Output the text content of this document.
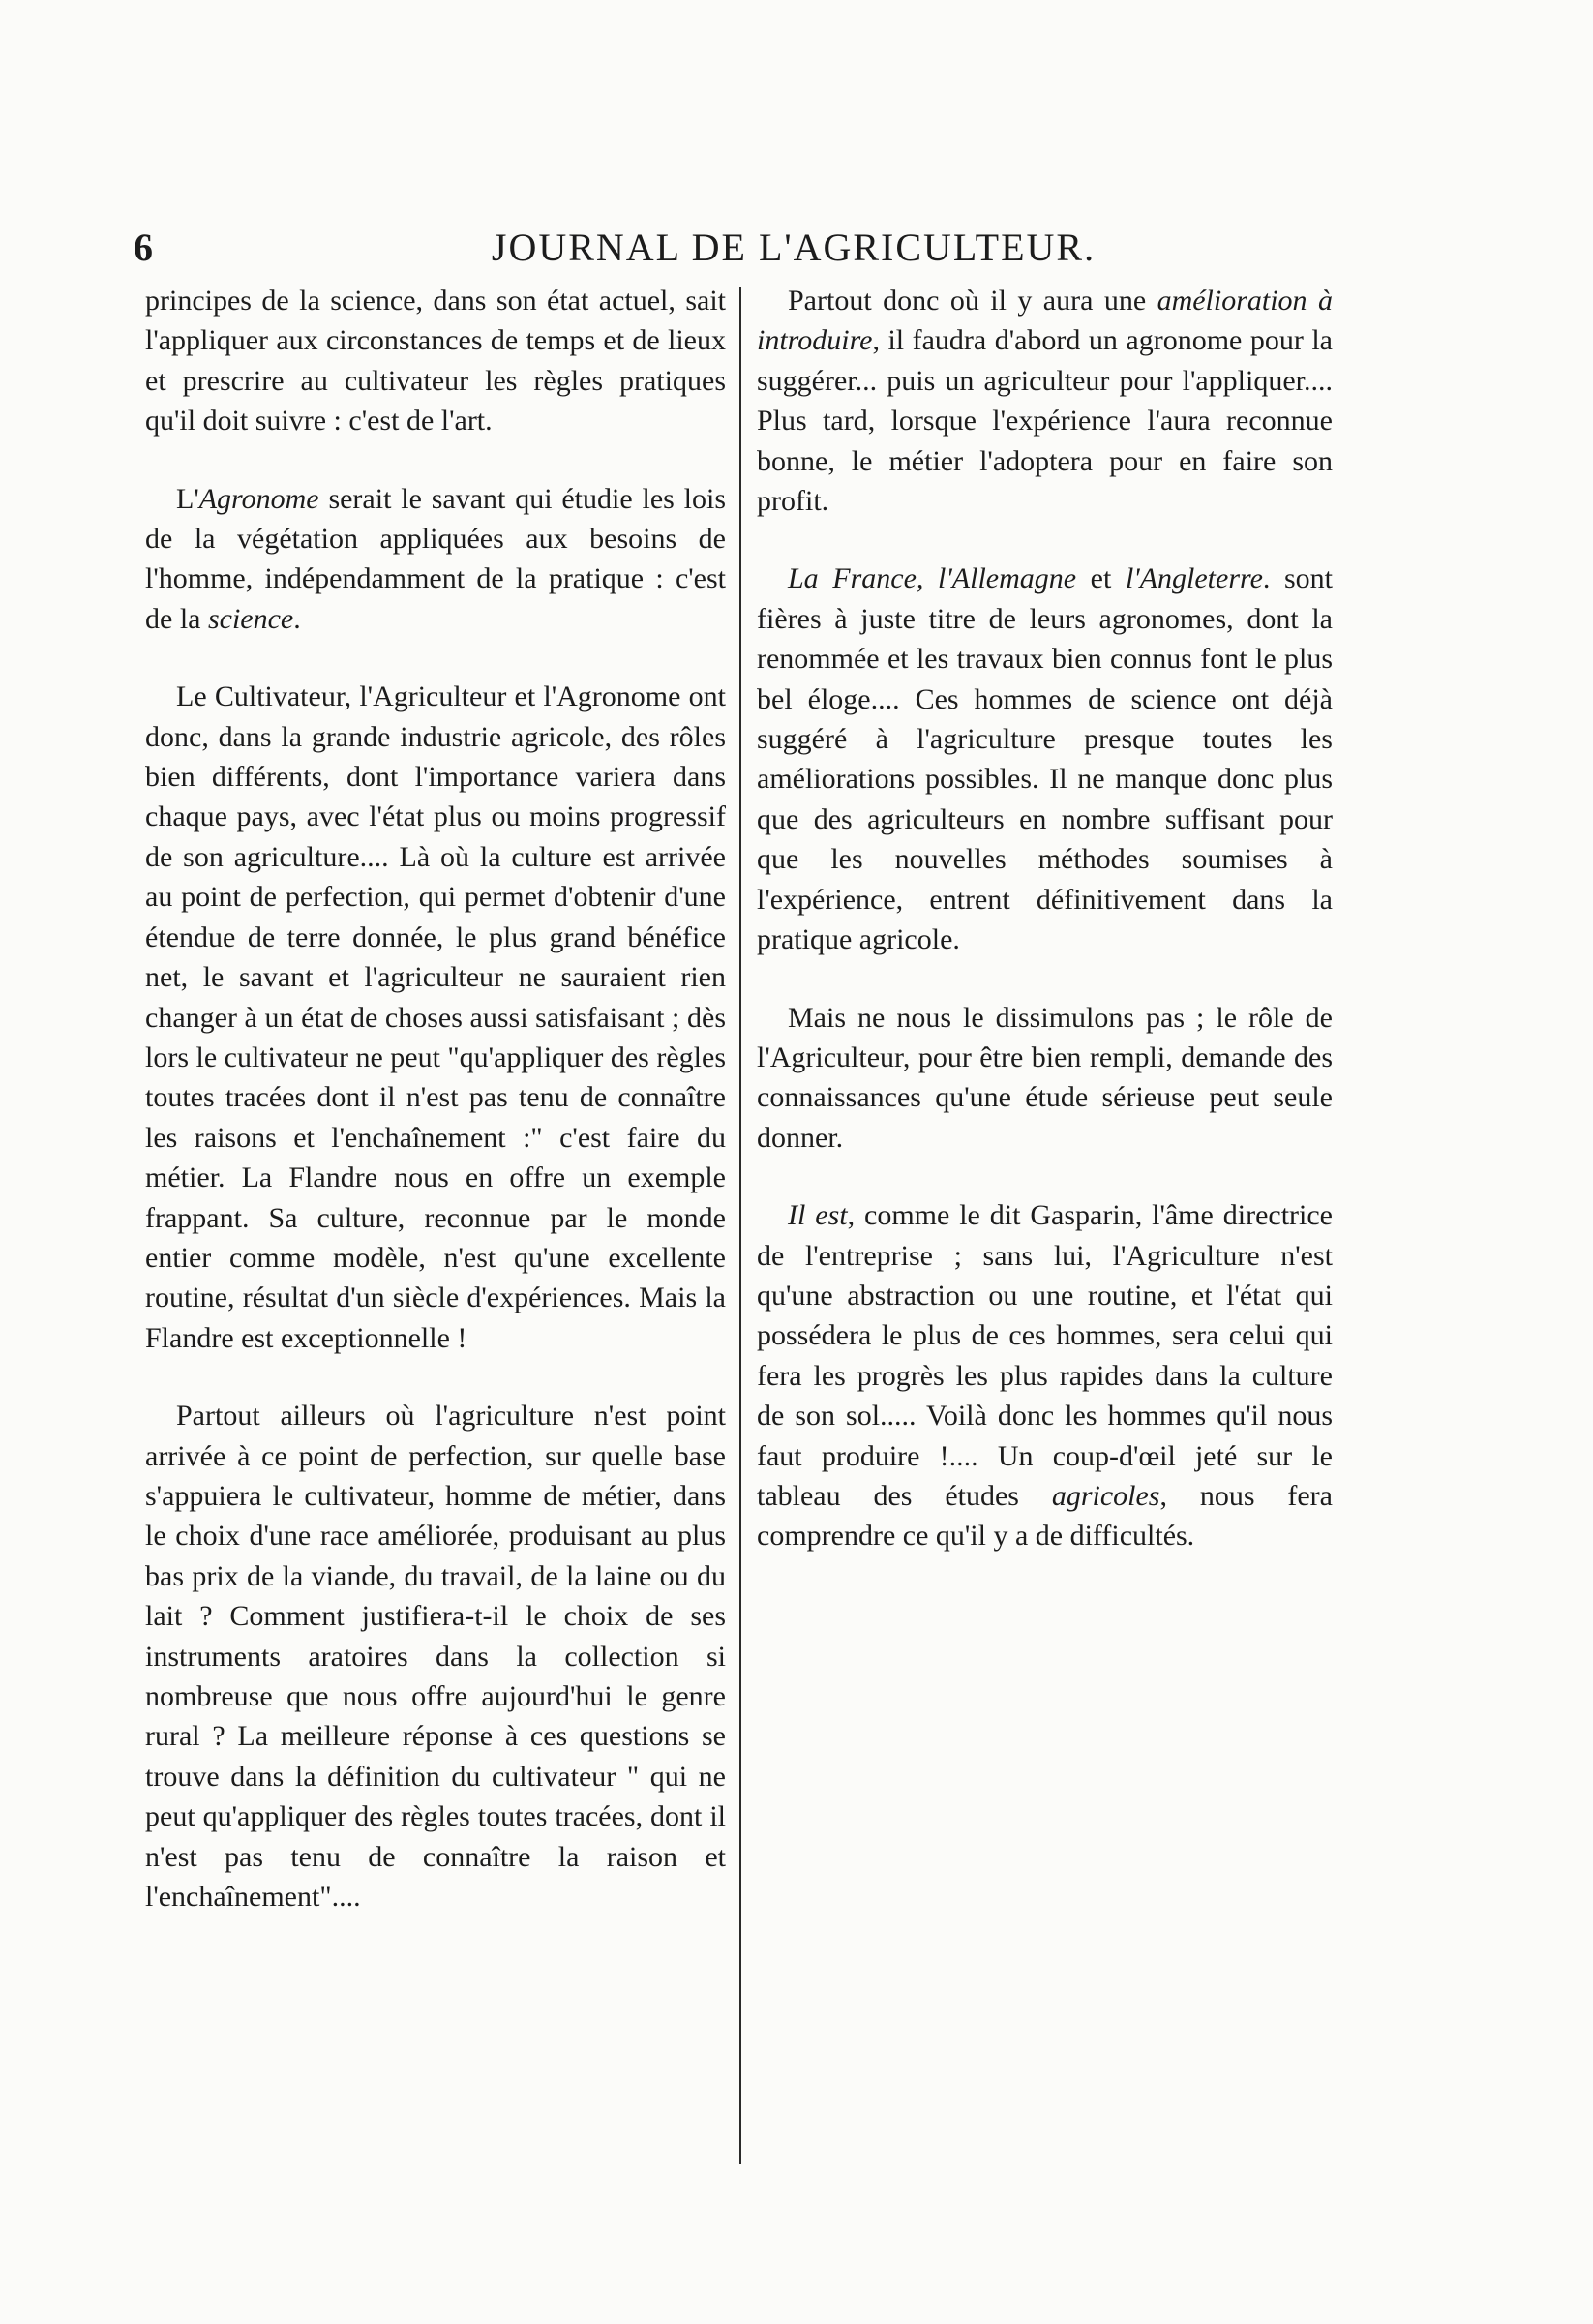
6	JOURNAL DE L'AGRICULTEUR.

principes de la science, dans son état actuel, sait l'appliquer aux circonstances de temps et de lieux et prescrire au cultivateur les règles pratiques qu'il doit suivre : c'est de l'art.

L'Agronome serait le savant qui étudie les lois de la végétation appliquées aux besoins de l'homme, indépendamment de la pratique : c'est de la science.

Le Cultivateur, l'Agriculteur et l'Agronome ont donc, dans la grande industrie agricole, des rôles bien différents, dont l'importance variera dans chaque pays, avec l'état plus ou moins progressif de son agriculture.... Là où la culture est arrivée au point de perfection, qui permet d'obtenir d'une étendue de terre donnée, le plus grand bénéfice net, le savant et l'agriculteur ne sauraient rien changer à un état de choses aussi satisfaisant ; dès lors le cultivateur ne peut "qu'appliquer des règles toutes tracées dont il n'est pas tenu de connaître les raisons et l'enchaînement :" c'est faire du métier. La Flandre nous en offre un exemple frappant. Sa culture, reconnue par le monde entier comme modèle, n'est qu'une excellente routine, résultat d'un siècle d'expériences. Mais la Flandre est exceptionnelle !

Partout ailleurs où l'agriculture n'est point arrivée à ce point de perfection, sur quelle base s'appuiera le cultivateur, homme de métier, dans le choix d'une race améliorée, produisant au plus bas prix de la viande, du travail, de la laine ou du lait ? Comment justifiera-t-il le choix de ses instruments aratoires dans la collection si nombreuse que nous offre aujourd'hui le genre rural ? La meilleure réponse à ces questions se trouve dans la définition du cultivateur " qui ne peut qu'appliquer des règles toutes tracées, dont il n'est pas tenu de connaître la raison et l'enchaînement"....

Partout donc où il y aura une amélioration à introduire, il faudra d'abord un agronome pour la suggérer... puis un agriculteur pour l'appliquer.... Plus tard, lorsque l'expérience l'aura reconnue bonne, le métier l'adoptera pour en faire son profit.

La France, l'Allemagne et l'Angleterre. sont fières à juste titre de leurs agronomes, dont la renommée et les travaux bien connus font le plus bel éloge.... Ces hommes de science ont déjà suggéré à l'agriculture presque toutes les améliorations possibles. Il ne manque donc plus que des agriculteurs en nombre suffisant pour que les nouvelles méthodes soumises à l'expérience, entrent définitivement dans la pratique agricole.

Mais ne nous le dissimulons pas ; le rôle de l'Agriculteur, pour être bien rempli, demande des connaissances qu'une étude sérieuse peut seule donner.

Il est, comme le dit Gasparin, l'âme directrice de l'entreprise ; sans lui, l'Agriculture n'est qu'une abstraction ou une routine, et l'état qui possédera le plus de ces hommes, sera celui qui fera les progrès les plus rapides dans la culture de son sol..... Voilà donc les hommes qu'il nous faut produire !.... Un coup-d'œil jeté sur le tableau des études agricoles, nous fera comprendre ce qu'il y a de difficultés.
